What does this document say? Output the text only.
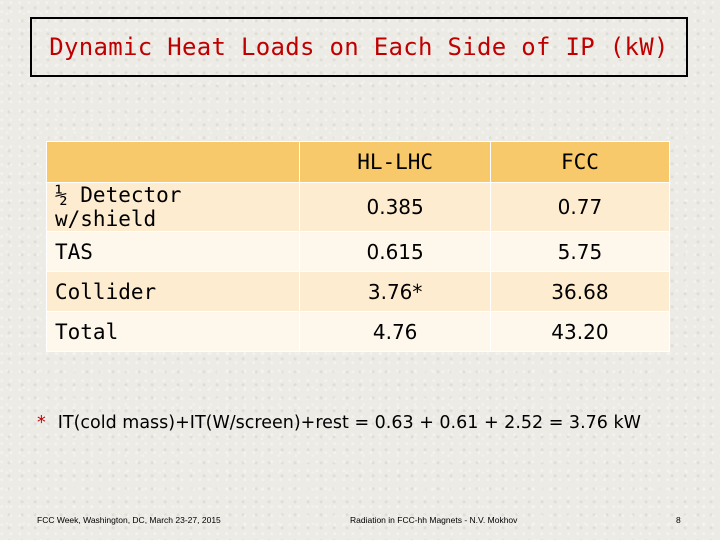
Dynamic Heat Loads on Each Side of IP (kW)
	HL-LHC	FCC
½ Detector w/shield	0.385	0.77
TAS	0.615	5.75
Collider	3.76*	36.68
Total	4.76	43.20
* IT(cold mass)+IT(W/screen)+rest = 0.63 + 0.61 + 2.52 = 3.76 kW
FCC Week, Washington, DC, March 23-27, 2015	Radiation in FCC-hh Magnets - N.V. Mokhov	8
